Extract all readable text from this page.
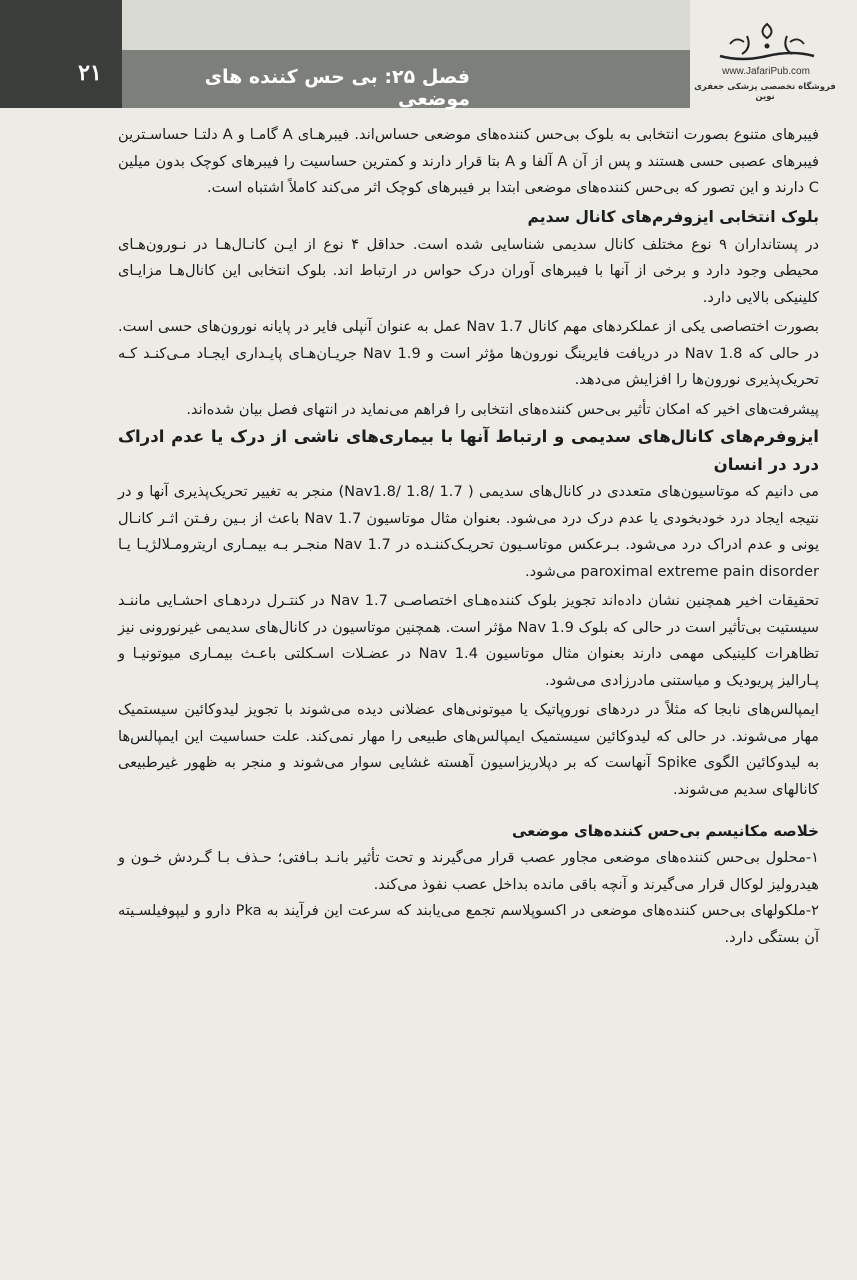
۲۱	فصل ۲۵: بی حس کننده های موضعی
www.JafariPub.com
فروشگاه تخصصی پزشکی جعفری نوین

فیبرهای متنوع بصورت انتخابی به بلوک بی‌حس کننده‌های موضعی حساس‌اند. فیبرهـای A گامـا و A دلتـا حساسـترین فیبرهای عصبی حسی هستند و پس از آن A آلفا و A بتا قرار دارند و کمترین حساسیت را فیبرهای کوچک بدون میلین C دارند و این تصور که بی‌حس کننده‌های موضعی ابتدا بر فیبرهای کوچک اثر می‌کند کاملاً اشتباه است.

بلوک انتخابی ایزوفرم‌های کانال سدیم

در پستانداران ۹ نوع مختلف کانال سدیمی شناسایی شده است. حداقل ۴ نوع از ایـن کانـال‌هـا در نـورون‌هـای محیطی وجود دارد و برخی از آنها با فیبرهای آوران درک حواس در ارتباط اند. بلوک انتخابی این کانال‌هـا مزایـای کلینیکی بالایی دارد.

بصورت اختصاصی یکی از عملکردهای مهم کانال Nav 1.7 عمل به عنوان آنپلی فایر در پایانه نورون‌های حسی است. در حالی که Nav 1.8 در دریافت فایرینگ نورون‌ها مؤثر است و Nav 1.9 جریـان‌هـای پایـداری ایجـاد مـی‌کنـد کـه تحریک‌پذیری نورون‌ها را افزایش می‌دهد.

پیشرفت‌های اخیر که امکان تأثیر بی‌حس کننده‌های انتخابی را فراهم می‌نماید در انتهای فصل بیان شده‌اند.

ایزوفرم‌های کانال‌های سدیمی و ارتباط آنها با بیماری‌های ناشی از درک یا عدم ادراک درد در انسان

می دانیم که موتاسیون‌های متعددی در کانال‌های سدیمی ( Nav1.8/ 1.8/ 1.7) منجر به تغییر تحریک‌پذیری آنها و در نتیجه ایجاد درد خودبخودی یا عدم درک درد می‌شود. بعنوان مثال موتاسیون Nav 1.7 باعث از بـین رفـتن اثـر کانـال یونی و عدم ادراک درد می‌شود. بـرعکس موتاسـیون تحریـک‌کننـده در Nav 1.7 منجـر بـه بیمـاری اریترومـلالژیـا یـا paroximal extreme pain disorder می‌شود.

تحقیقات اخیر همچنین نشان داده‌اند تجویز بلوک کننده‌هـای اختصاصـی Nav 1.7 در کنتـرل دردهـای احشـایی ماننـد سیستیت بی‌تأثیر است در حالی که بلوک Nav 1.9 مؤثر است. همچنین موتاسیون در کانال‌های سدیمی غیرنورونی نیز تظاهرات کلینیکی مهمی دارند بعنوان مثال موتاسیون Nav 1.4 در عضـلات اسـکلتی باعـث بیمـاری میوتونیـا و پـارالیز پریودیک و میاستنی مادرزادی می‌شود.

ایمپالس‌های نابجا که مثلاً در دردهای نوروپاتیک یا میوتونی‌های عضلانی دیده می‌شوند با تجویز لیدوکائین سیستمیک مهار می‌شوند. در حالی که لیدوکائین سیستمیک ایمپالس‌های طبیعی را مهار نمی‌کند. علت حساسیت این ایمپالس‌ها به لیدوکائین الگوی Spike آنهاست که بر دپلاریزاسیون آهسته غشایی سوار می‌شوند و منجر به ظهور غیرطبیعی کانالهای سدیم می‌شوند.

خلاصه مکانیسم بی‌حس کننده‌های موضعی

۱-محلول بی‌حس کننده‌های موضعی مجاور عصب قرار می‌گیرند و تحت تأثیر بانـد بـافتی؛ حـذف بـا گـردش خـون و هیدرولیز لوکال قرار می‌گیرند و آنچه باقی مانده بداخل عصب نفوذ می‌کند.

۲-ملکولهای بی‌حس کننده‌های موضعی در اکسوپلاسم تجمع می‌یابند که سرعت این فرآیند به Pka دارو و لیپوفیلسـیته آن بستگی دارد.
